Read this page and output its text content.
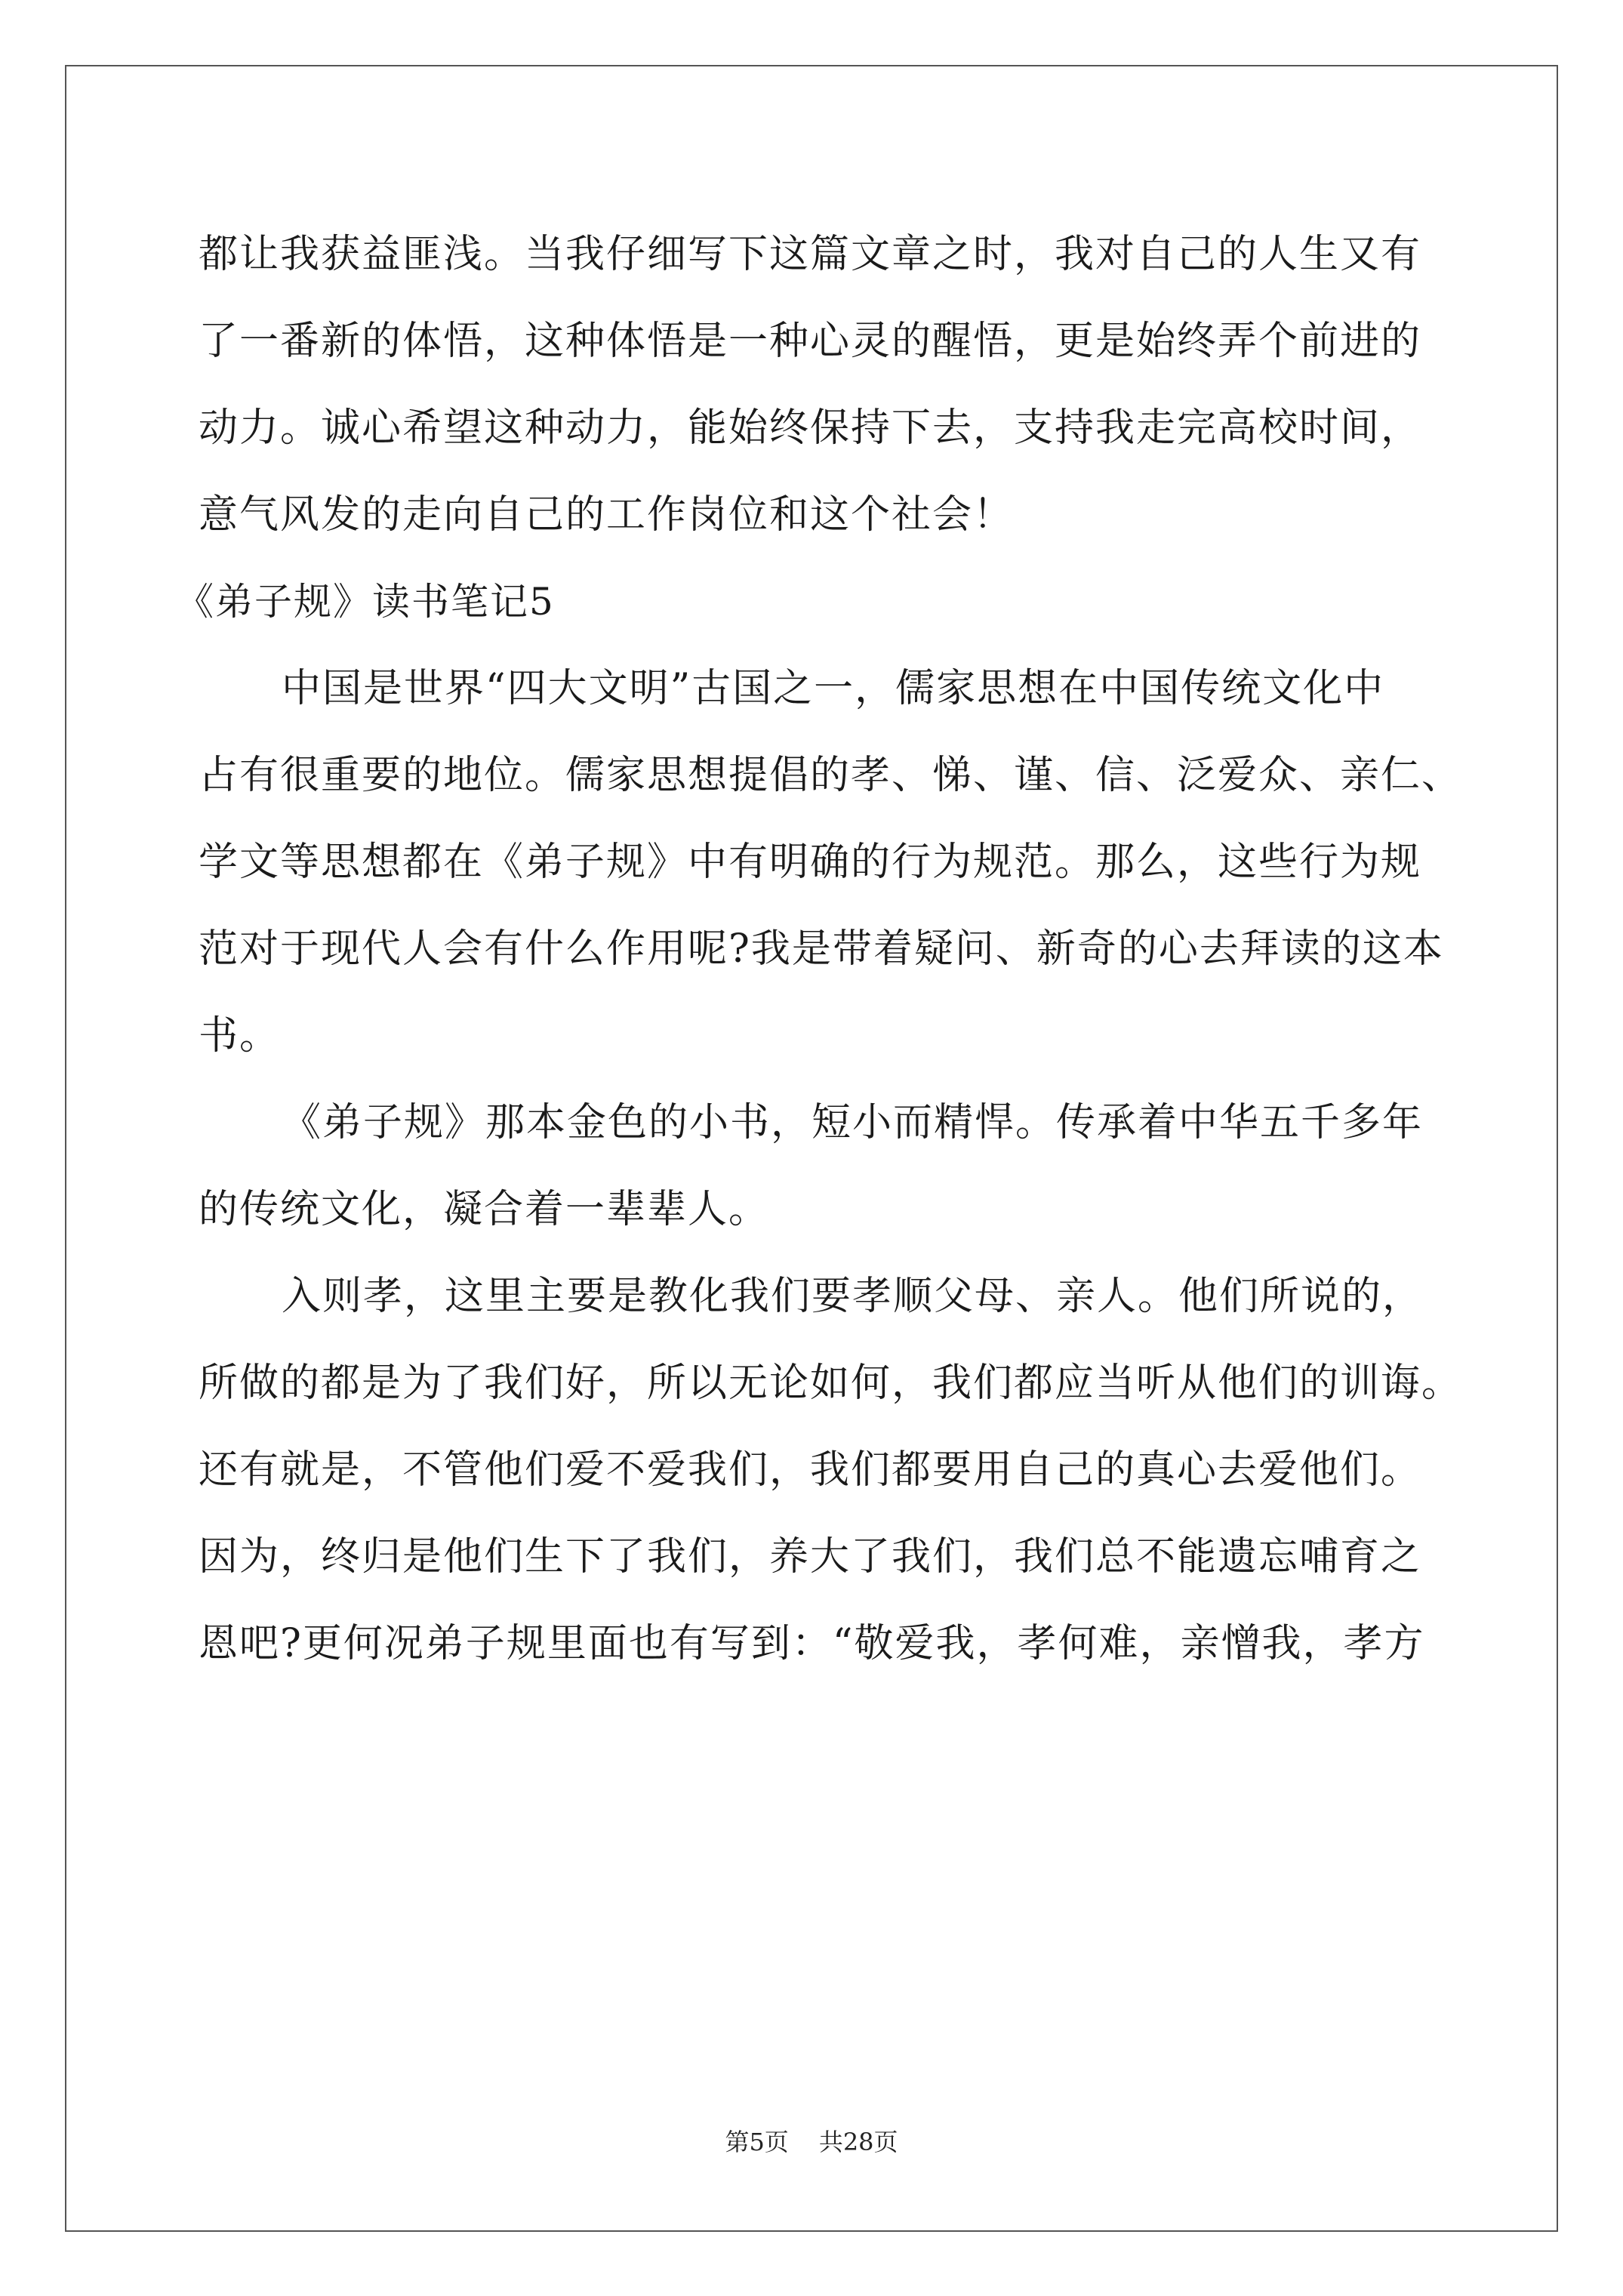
都让我获益匪浅。当我仔细写下这篇文章之时，我对自己的人生又有
了一番新的体悟，这种体悟是一种心灵的醒悟，更是始终弄个前进的
动力。诚心希望这种动力，能始终保持下去，支持我走完高校时间，
意气风发的走向自己的工作岗位和这个社会！
《弟子规》读书笔记5
中国是世界“四大文明”古国之一，儒家思想在中国传统文化中
占有很重要的地位。儒家思想提倡的孝、悌、谨、信、泛爱众、亲仁、
学文等思想都在《弟子规》中有明确的行为规范。那么，这些行为规
范对于现代人会有什么作用呢?我是带着疑问、新奇的心去拜读的这本
书。
《弟子规》那本金色的小书，短小而精悍。传承着中华五千多年
的传统文化，凝合着一辈辈人。
入则孝，这里主要是教化我们要孝顺父母、亲人。他们所说的，
所做的都是为了我们好，所以无论如何，我们都应当听从他们的训诲。
还有就是，不管他们爱不爱我们，我们都要用自己的真心去爱他们。
因为，终归是他们生下了我们，养大了我们，我们总不能遗忘哺育之
恩吧?更何况弟子规里面也有写到：“敬爱我，孝何难，亲憎我，孝方
第5页 共28页
